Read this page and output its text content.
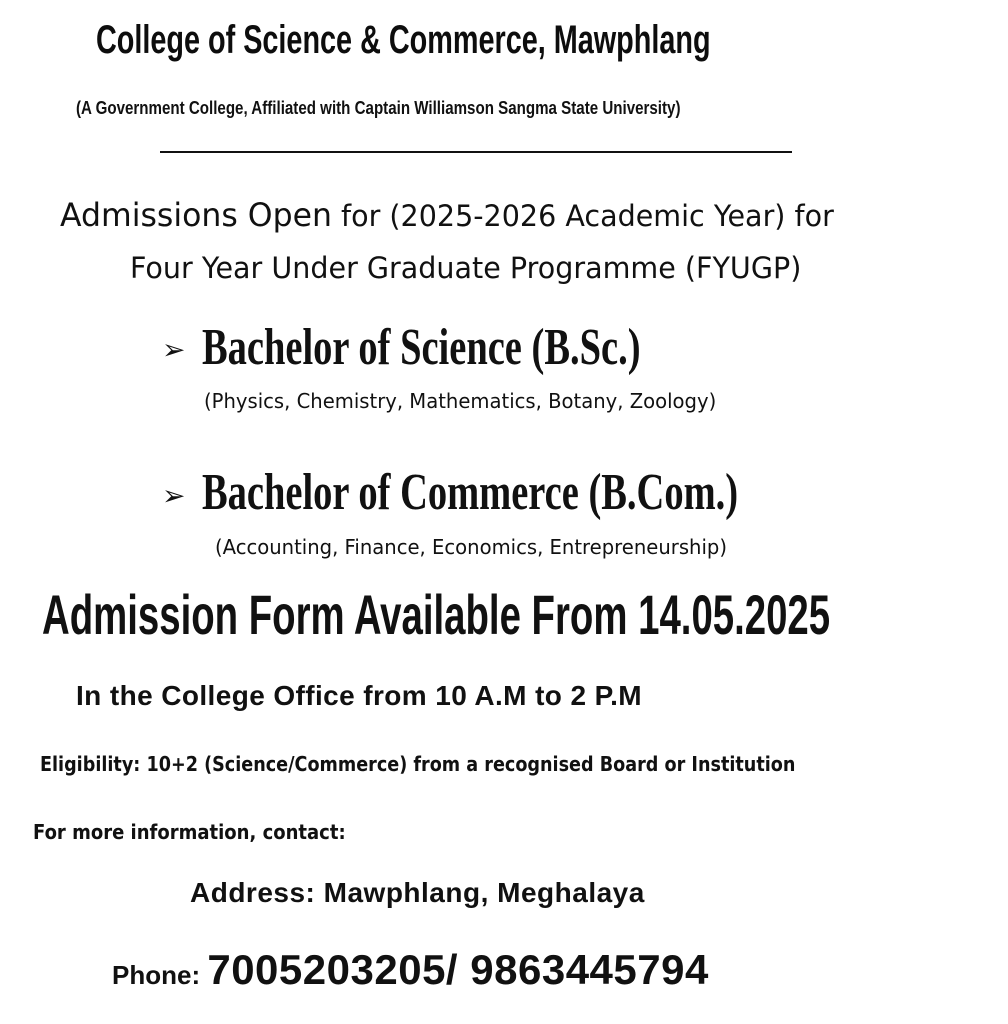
College of Science & Commerce, Mawphlang
(A Government College, Affiliated with Captain Williamson Sangma State University)
Admissions Open for (2025-2026 Academic Year) for
Four Year Under Graduate Programme (FYUGP)
➢ Bachelor of Science (B.Sc.)
(Physics, Chemistry, Mathematics, Botany, Zoology)
➢ Bachelor of Commerce (B.Com.)
(Accounting, Finance, Economics, Entrepreneurship)
Admission Form Available From 14.05.2025
In the College Office from 10 A.M to 2 P.M
Eligibility: 10+2 (Science/Commerce) from a recognised Board or Institution
For more information, contact:
Address: Mawphlang, Meghalaya
Phone: 7005203205/ 9863445794
